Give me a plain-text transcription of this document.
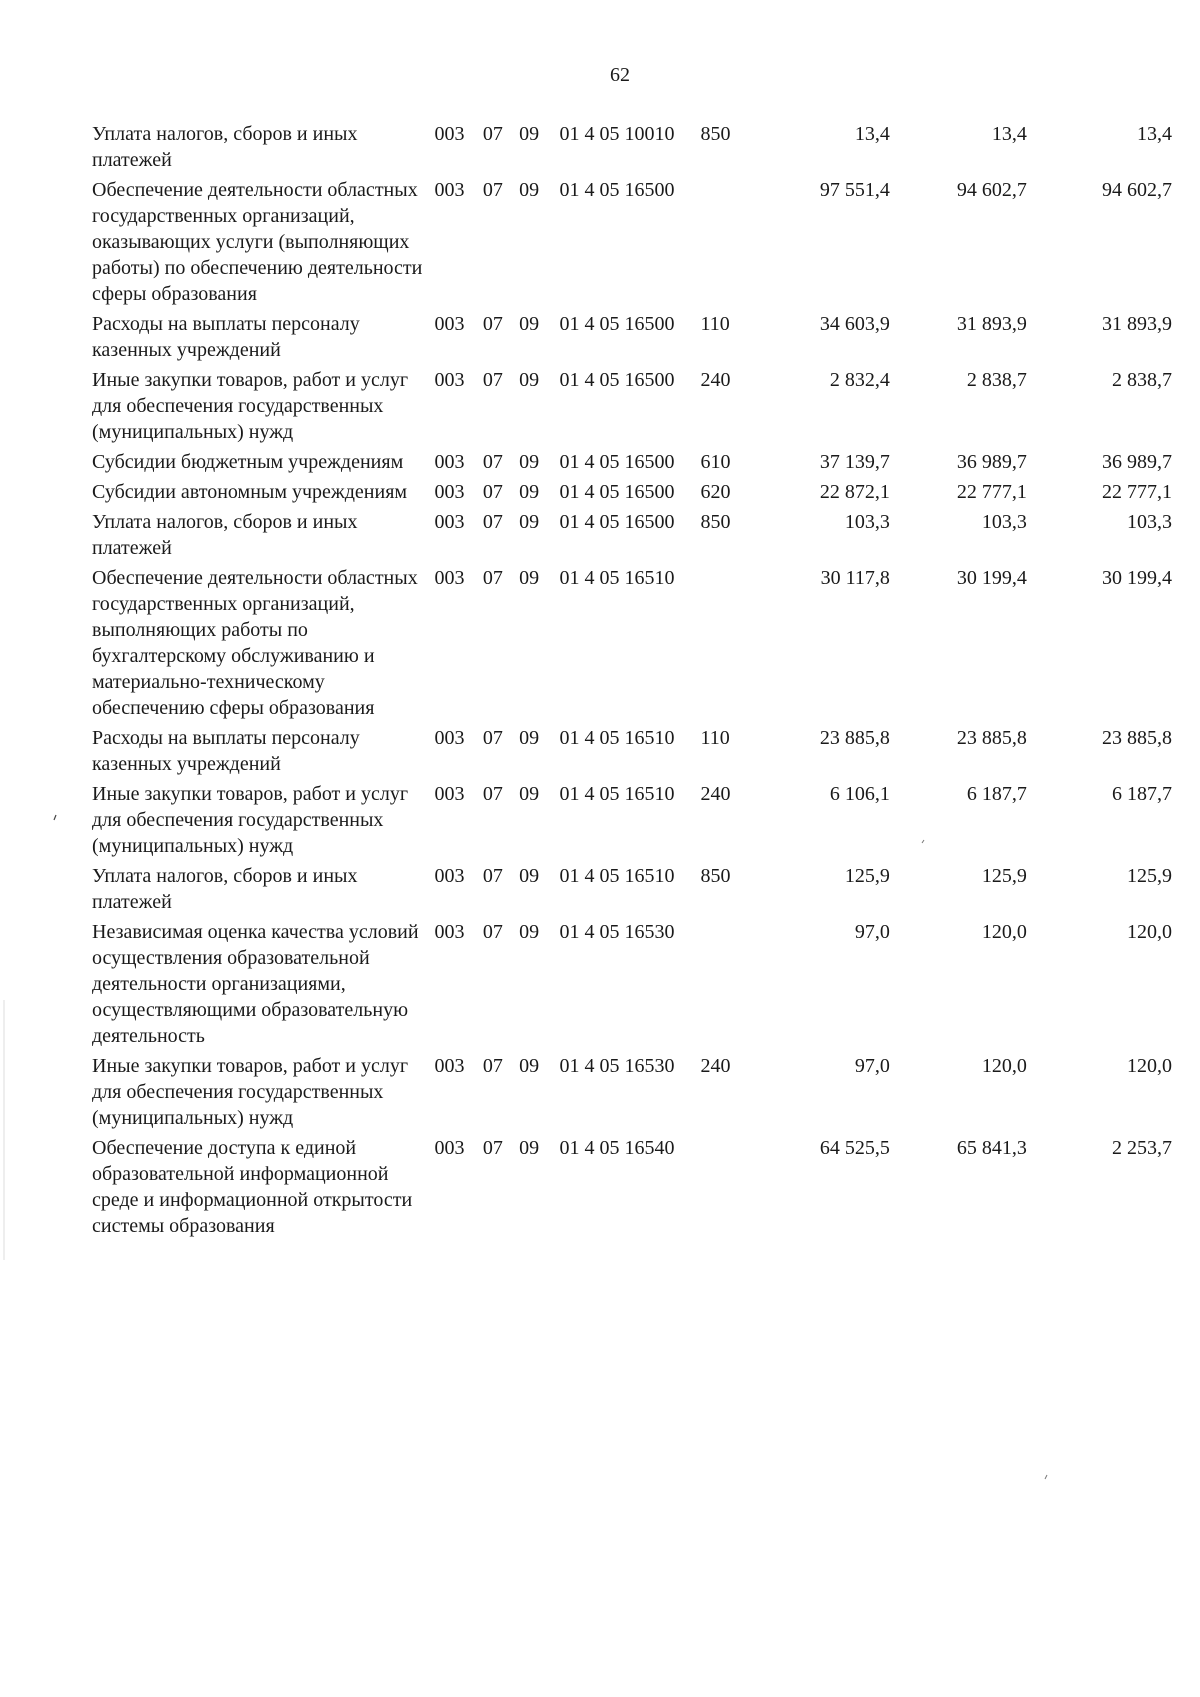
62
Уплата налогов, сборов и иных платежей	003	07	09	01 4 05 10010	850	13,4	13,4	13,4
Обеспечение деятельности областных государственных организаций, оказывающих услуги (выполняющих работы) по обеспечению деятельности сферы образования	003	07	09	01 4 05 16500		97 551,4	94 602,7	94 602,7
Расходы на выплаты персоналу казенных учреждений	003	07	09	01 4 05 16500	110	34 603,9	31 893,9	31 893,9
Иные закупки товаров, работ и услуг для обеспечения государственных (муниципальных) нужд	003	07	09	01 4 05 16500	240	2 832,4	2 838,7	2 838,7
Субсидии бюджетным учреждениям	003	07	09	01 4 05 16500	610	37 139,7	36 989,7	36 989,7
Субсидии автономным учреждениям	003	07	09	01 4 05 16500	620	22 872,1	22 777,1	22 777,1
Уплата налогов, сборов и иных платежей	003	07	09	01 4 05 16500	850	103,3	103,3	103,3
Обеспечение деятельности областных государственных организаций, выполняющих работы по бухгалтерскому обслуживанию и материально-техническому обеспечению сферы образования	003	07	09	01 4 05 16510		30 117,8	30 199,4	30 199,4
Расходы на выплаты персоналу казенных учреждений	003	07	09	01 4 05 16510	110	23 885,8	23 885,8	23 885,8
Иные закупки товаров, работ и услуг для обеспечения государственных (муниципальных) нужд	003	07	09	01 4 05 16510	240	6 106,1	6 187,7	6 187,7
Уплата налогов, сборов и иных платежей	003	07	09	01 4 05 16510	850	125,9	125,9	125,9
Независимая оценка качества условий осуществления образовательной деятельности организациями, осуществляющими образовательную деятельность	003	07	09	01 4 05 16530		97,0	120,0	120,0
Иные закупки товаров, работ и услуг для обеспечения государственных (муниципальных) нужд	003	07	09	01 4 05 16530	240	97,0	120,0	120,0
Обеспечение доступа к единой образовательной информационной среде и информационной открытости системы образования	003	07	09	01 4 05 16540		64 525,5	65 841,3	2 253,7
